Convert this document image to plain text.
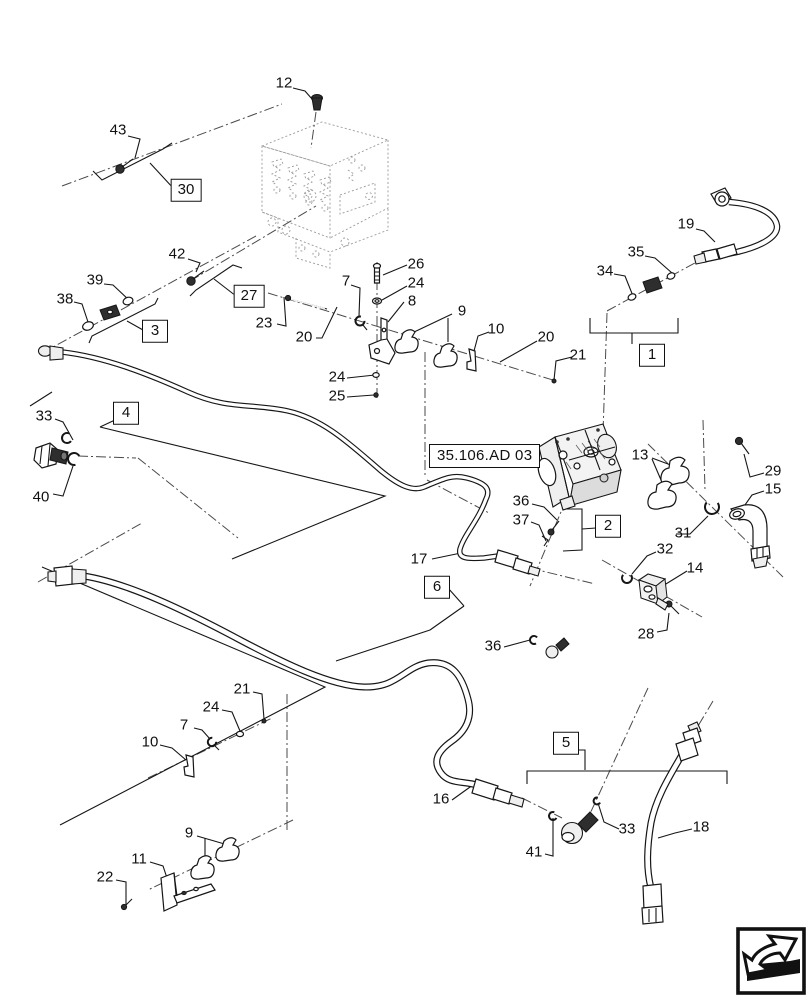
35.106.AD 03
12
43
42
39
38
23
20
7
26
24
8
9
10 20
21
24
25
19
35
34
33
40
13
29
15
31
32
14
28
36
37
17
36
16
41
33	18
21
24
7
10
9
11
22
30
27
3
4
1
2
6
5
